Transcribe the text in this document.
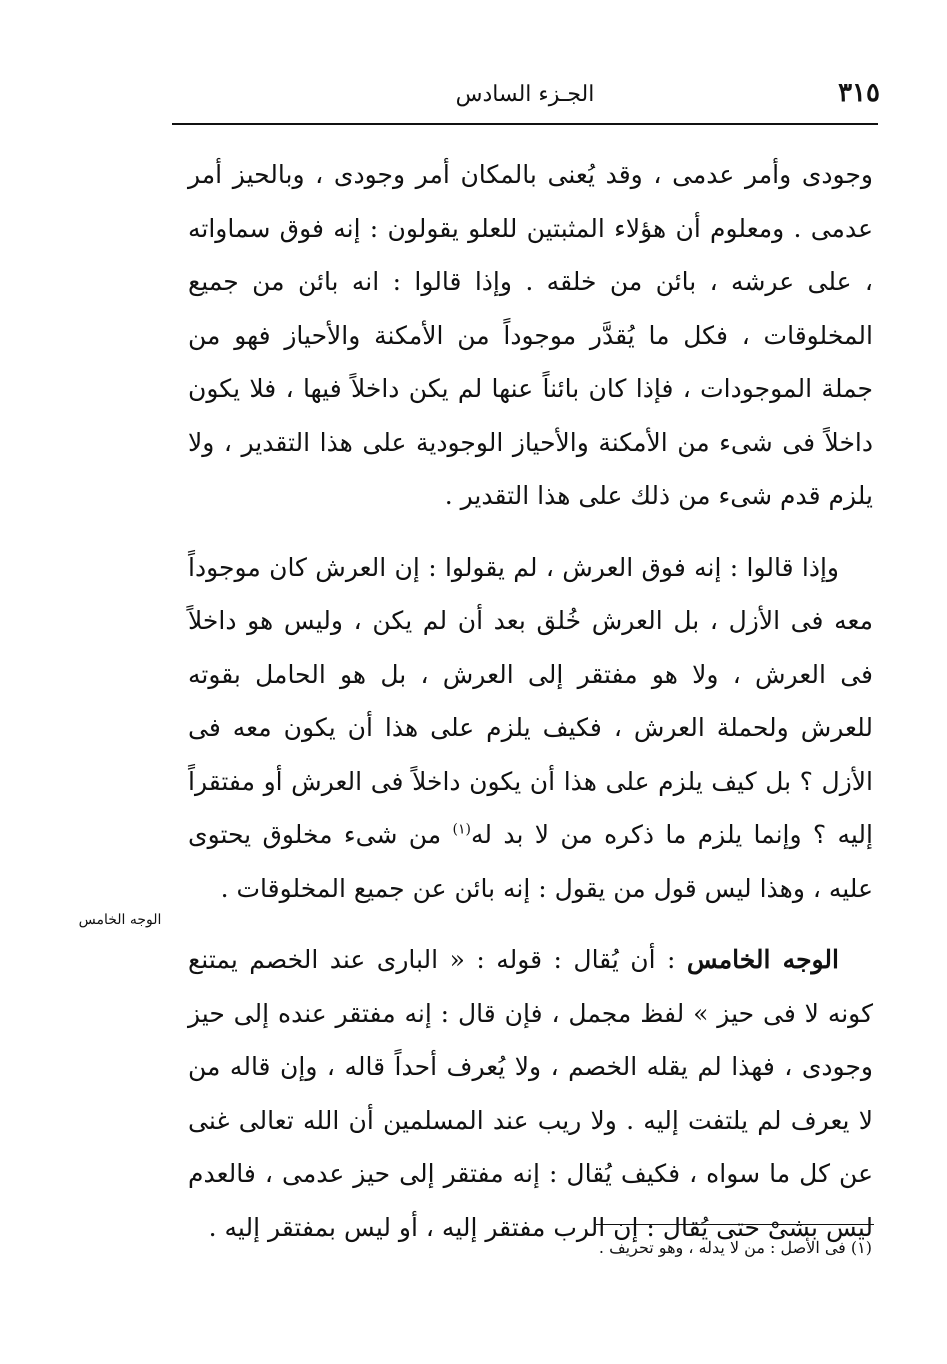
٣١٥
الجـزء السادس

وجودى وأمر عدمى ، وقد يُعنى بالمكان أمر وجودى ، وبالحيز أمر عدمى . ومعلوم أن هؤلاء المثبتين للعلو يقولون : إنه فوق سماواته ، على عرشه ، بائن من خلقه . وإذا قالوا : انه بائن من جميع المخلوقات ، فكل ما يُقدَّر موجوداً من الأمكنة والأحياز فهو من جملة الموجودات ، فإذا كان بائناً عنها لم يكن داخلاً فيها ، فلا يكون داخلاً فى شىء من الأمكنة والأحياز الوجودية على هذا التقدير ، ولا يلزم قدم شىء من ذلك على هذا التقدير .

وإذا قالوا : إنه فوق العرش ، لم يقولوا : إن العرش كان موجوداً معه فى الأزل ، بل العرش خُلق بعد أن لم يكن ، وليس هو داخلاً فى العرش ، ولا هو مفتقر إلى العرش ، بل هو الحامل بقوته للعرش ولحملة العرش ، فكيف يلزم على هذا أن يكون معه فى الأزل ؟ بل كيف يلزم على هذا أن يكون داخلاً فى العرش أو مفتقراً إليه ؟ وإنما يلزم ما ذكره من لا بد له$^{(١)}$ من شىء مخلوق يحتوى عليه ، وهذا ليس قول من يقول : إنه بائن عن جميع المخلوقات .

الوجه الخامس : أن يُقال : قوله : « البارى عند الخصم يمتنع كونه لا فى حيز » لفظ مجمل ، فإن قال : إنه مفتقر عنده إلى حيز وجودى ، فهذا لم يقله الخصم ، ولا يُعرف أحداً قاله ، وإن قاله من لا يعرف لم يلتفت إليه . ولا ريب عند المسلمين أن الله تعالى غنى عن كل ما سواه ، فكيف يُقال : إنه مفتقر إلى حيز عدمى ، فالعدم ليس بشىْ حتى يُقال : إن الرب مفتقر إليه ، أو ليس بمفتقر إليه .

الوجه الخامس
(١) فى الأصل : من لا يدله ، وهو تحريف .
